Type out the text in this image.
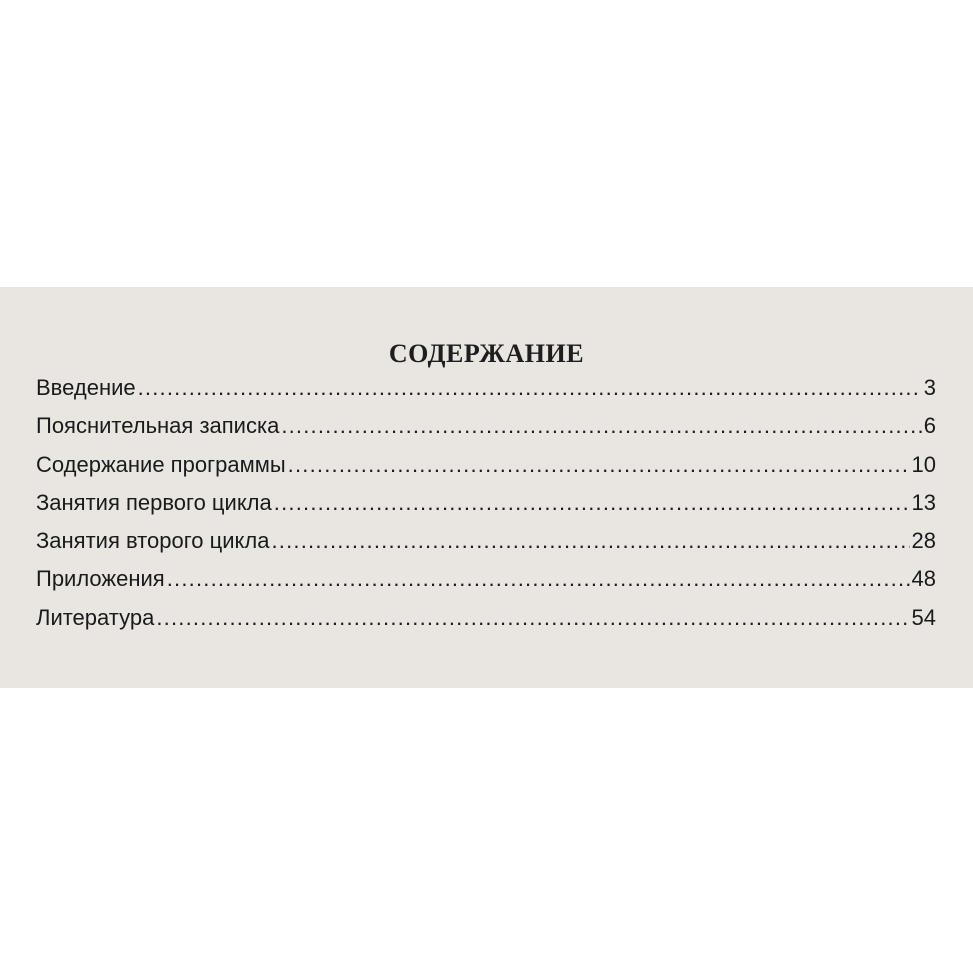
СОДЕРЖАНИЕ
Введение .....	3
Пояснительная записка .....	6
Содержание программы .....	10
Занятия первого цикла .....	13
Занятия второго цикла .....	28
Приложения .....	48
Литература .....	54
